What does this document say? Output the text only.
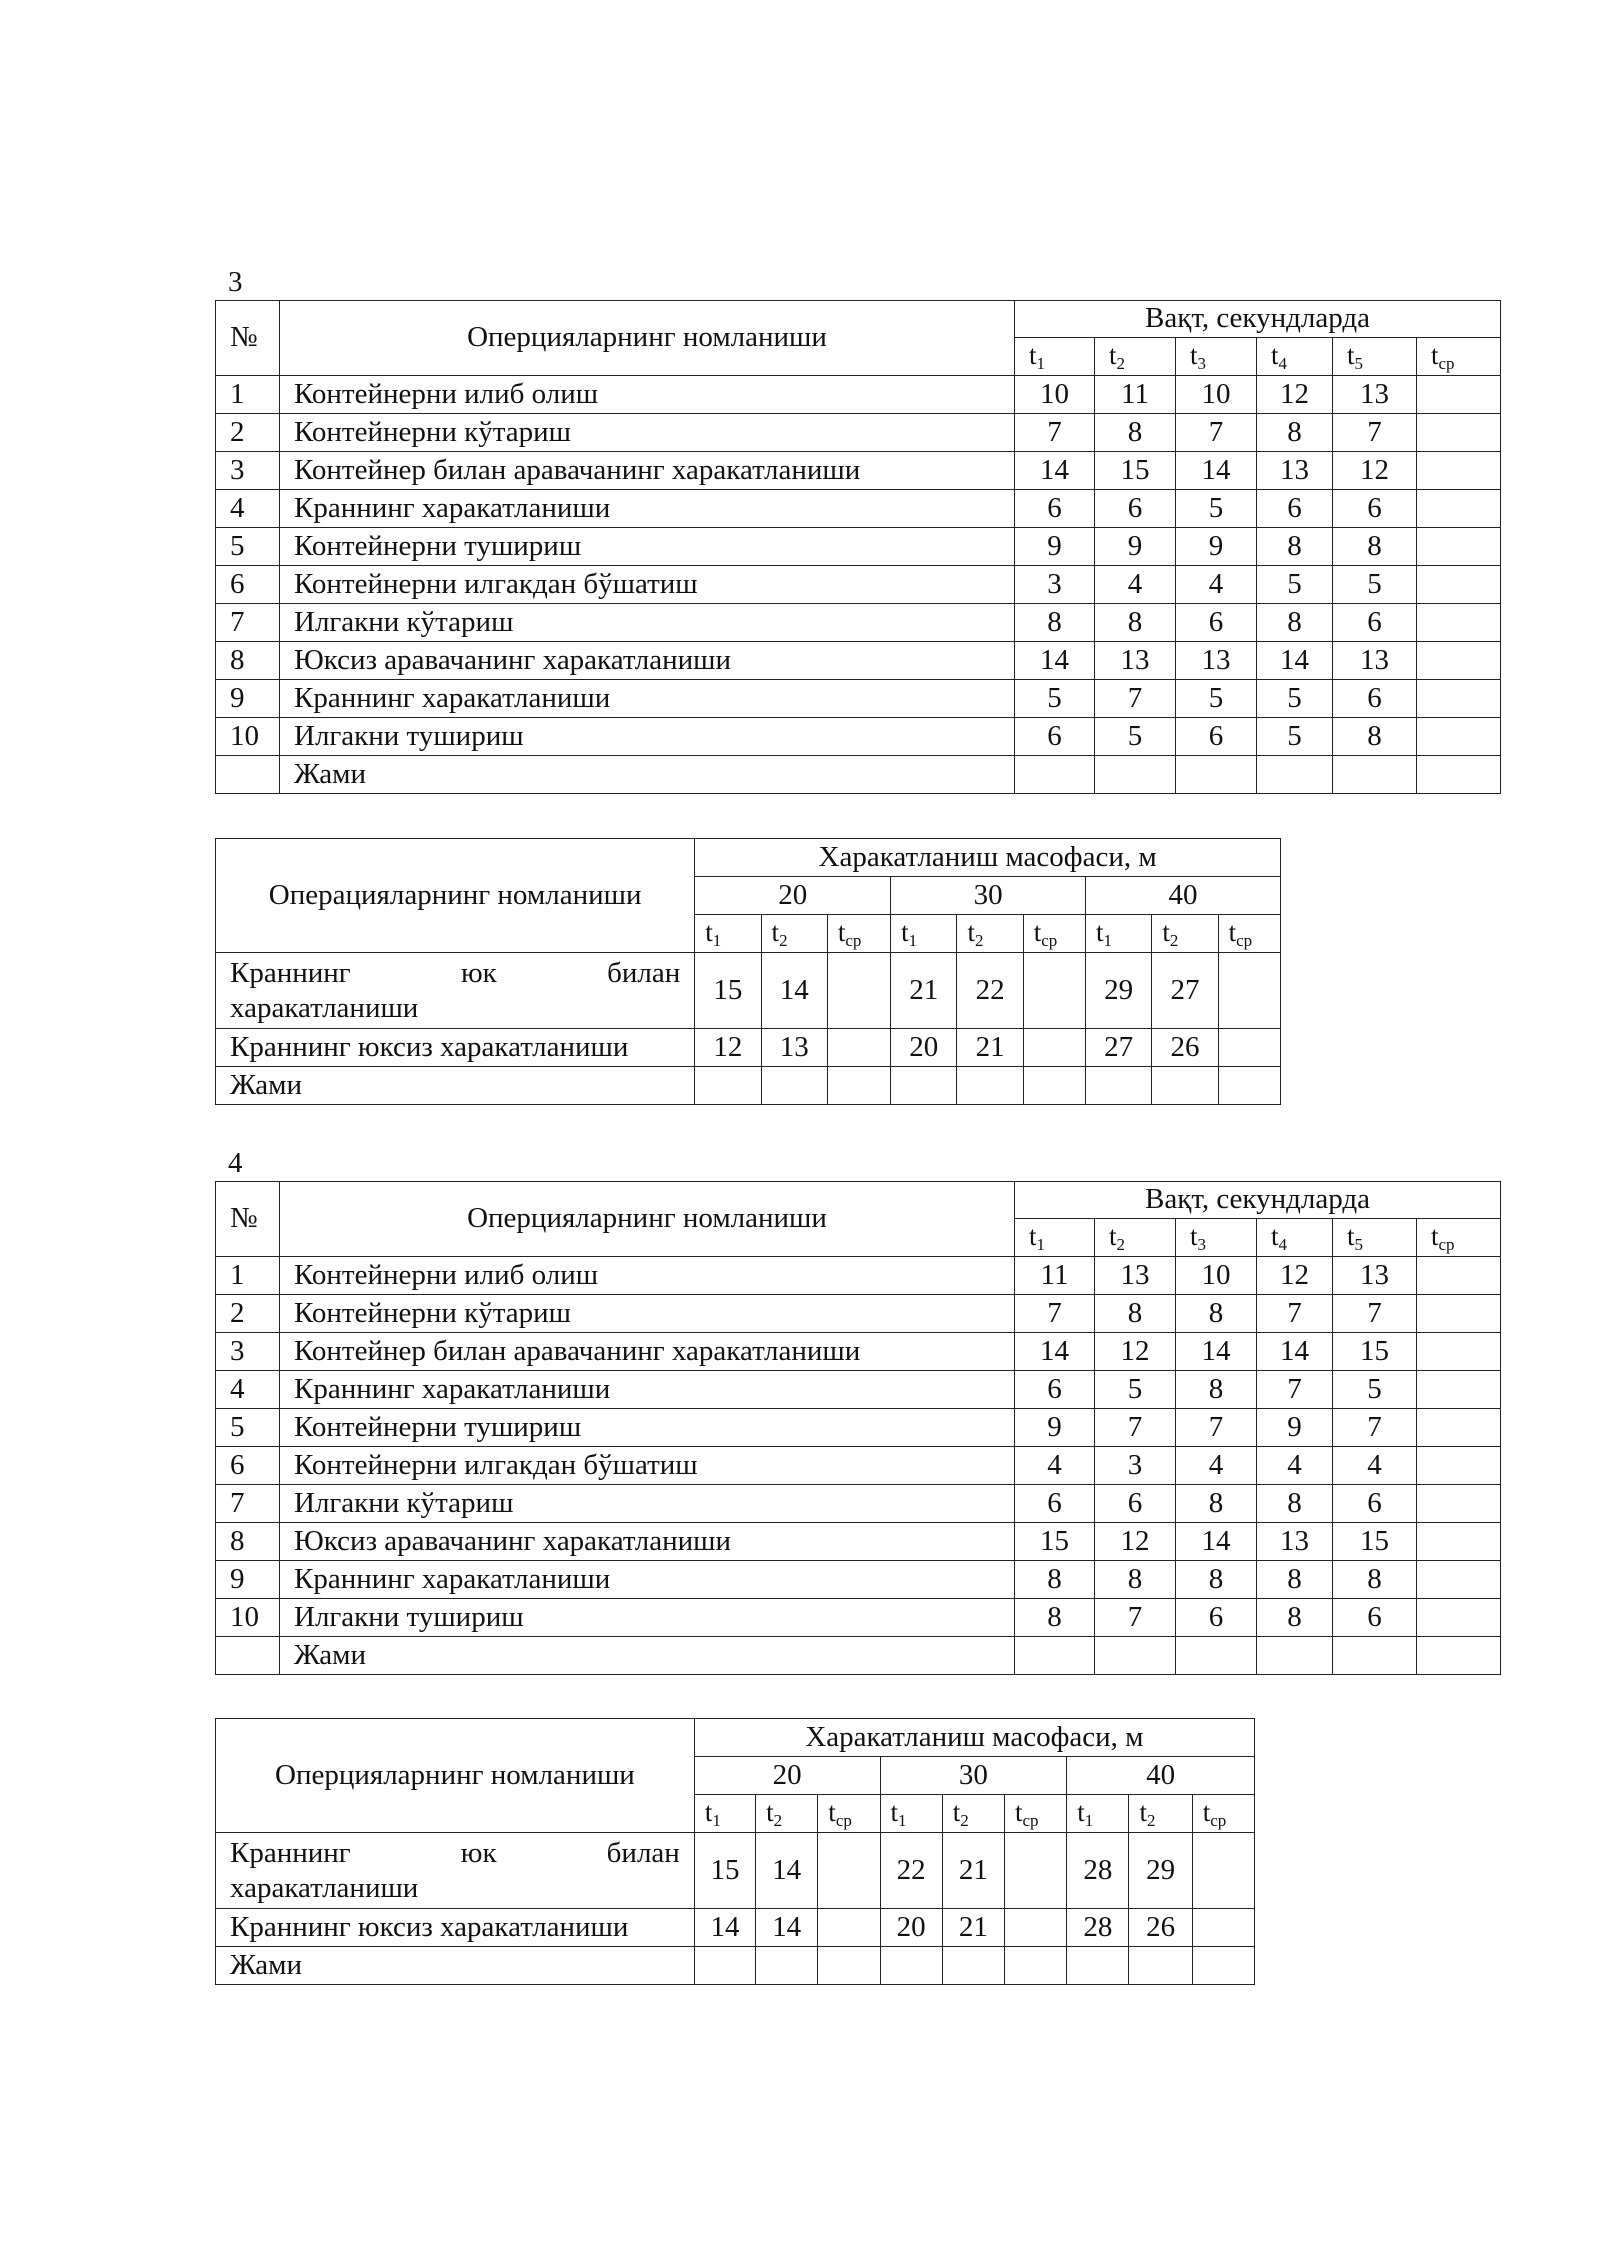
3
№	Оперцияларнинг номланиши	Вақт, секундларда					
		$t_1$	$t_2$	$t_3$	$t_4$	$t_5$	$t_{ср}$
1	Контейнерни илиб олиш	10	11	10	12	13	
2	Контейнерни кўтариш	7	8	7	8	7	
3	Контейнер билан аравачанинг харакатланиши	14	15	14	13	12	
4	Краннинг харакатланиши	6	6	5	6	6	
5	Контейнерни тушириш	9	9	9	8	8	
6	Контейнерни илгакдан бўшатиш	3	4	4	5	5	
7	Илгакни кўтариш	8	8	6	8	6	
8	Юксиз аравачанинг харакатланиши	14	13	13	14	13	
9	Краннинг харакатланиши	5	7	5	5	6	
10	Илгакни тушириш	6	5	6	5	8	
	Жами						
Операцияларнинг номланиши	Харакатланиш масофаси, м								
	20			30			40		
	$t_1$	$t_2$	$t_{ср}$	$t_1$	$t_2$	$t_{ср}$	$t_1$	$t_2$	$t_{ср}$

Краннинг юк билан
харакатланиши	15	14		21	22		29	27	

Краннинг юксиз харакатланиши	12	13		20	21		27	26	
Жами									
4
№	Оперцияларнинг номланиши	Вақт, секундларда					
		$t_1$	$t_2$	$t_3$	$t_4$	$t_5$	$t_{ср}$
1	Контейнерни илиб олиш	11	13	10	12	13	
2	Контейнерни кўтариш	7	8	8	7	7	
3	Контейнер билан аравачанинг харакатланиши	14	12	14	14	15	
4	Краннинг харакатланиши	6	5	8	7	5	
5	Контейнерни тушириш	9	7	7	9	7	
6	Контейнерни илгакдан бўшатиш	4	3	4	4	4	
7	Илгакни кўтариш	6	6	8	8	6	
8	Юксиз аравачанинг харакатланиши	15	12	14	13	15	
9	Краннинг харакатланиши	8	8	8	8	8	
10	Илгакни тушириш	8	7	6	8	6	
	Жами						
Оперцияларнинг номланиши	Харакатланиш масофаси, м								
	20			30			40		
	$t_1$	$t_2$	$t_{ср}$	$t_1$	$t_2$	$t_{ср}$	$t_1$	$t_2$	$t_{ср}$

Краннинг юк билан
харакатланиши	15	14		22	21		28	29	

Краннинг юксиз харакатланиши	14	14		20	21		28	26	
Жами									
